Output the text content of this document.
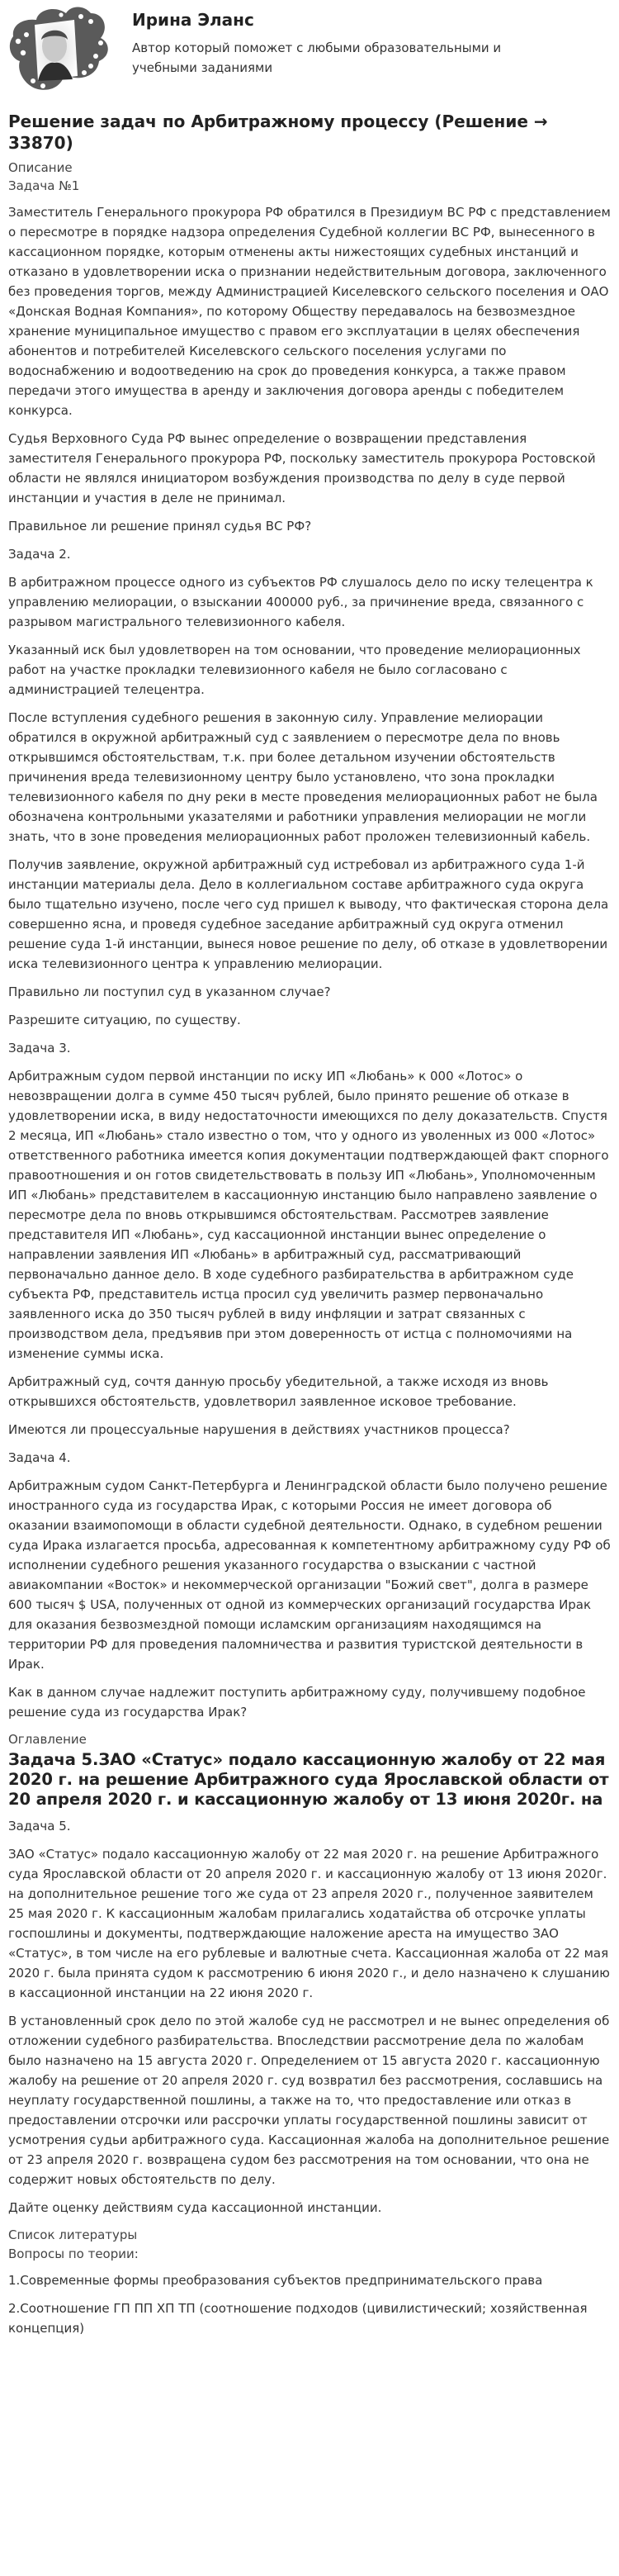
Ирина Эланс
Автор который поможет с любыми образовательными и учебными заданиями
Решение задач по Арбитражному процессу (Решение → 33870)
Описание
Задача №1

Заместитель Генерального прокурора РФ обратился в Президиум ВС РФ с представлением о пересмотре в порядке надзора определения Судебной коллегии ВС РФ, вынесенного в кассационном порядке, которым отменены акты нижестоящих судебных инстанций и отказано в удовлетворении иска о признании недействительным договора, заключенного без проведения торгов, между Администрацией Киселевского сельского поселения и ОАО «Донская Водная Компания», по которому Обществу передавалось на безвозмездное хранение муниципальное имущество с правом его эксплуатации в целях обеспечения абонентов и потребителей Киселевского сельского поселения услугами по водоснабжению и водоотведению на срок до проведения конкурса, а также правом передачи этого имущества в аренду и заключения договора аренды с победителем конкурса.

Судья Верховного Суда РФ вынес определение о возвращении представления заместителя Генерального прокурора РФ, поскольку заместитель прокурора Ростовской области не являлся инициатором возбуждения производства по делу в суде первой инстанции и участия в деле не принимал.

Правильное ли решение принял судья ВС РФ?

Задача 2.

В арбитражном процессе одного из субъектов РФ слушалось дело по иску телецентра к управлению мелиорации, о взыскании 400000 руб., за причинение вреда, связанного с разрывом магистрального телевизионного кабеля.

Указанный иск был удовлетворен на том основании, что проведение мелиорационных работ на участке прокладки телевизионного кабеля не было согласовано с администрацией телецентра.

После вступления судебного решения в законную силу. Управление мелиорации обратился в окружной арбитражный суд с заявлением о пересмотре дела по вновь открывшимся обстоятельствам, т.к. при более детальном изучении обстоятельств причинения вреда телевизионному центру было установлено, что зона прокладки телевизионного кабеля по дну реки в месте проведения мелиорационных работ не была обозначена контрольными указателями и работники управления мелиорации не могли знать, что в зоне проведения мелиорационных работ проложен телевизионный кабель.

Получив заявление, окружной арбитражный суд истребовал из арбитражного суда 1-й инстанции материалы дела. Дело в коллегиальном составе арбитражного суда округа было тщательно изучено, после чего суд пришел к выводу, что фактическая сторона дела совершенно ясна, и проведя судебное заседание арбитражный суд округа отменил решение суда 1-й инстанции, вынеся новое решение по делу, об отказе в удовлетворении иска телевизионного центра к управлению мелиорации.

Правильно ли поступил суд в указанном случае?

Разрешите ситуацию, по существу.

Задача 3.

Арбитражным судом первой инстанции по иску ИП «Любань» к 000 «Лотос» о невозвращении долга в сумме 450 тысяч рублей, было принято решение об отказе в удовлетворении иска, в виду недостаточности имеющихся по делу доказательств. Спустя 2 месяца, ИП «Любань» стало известно о том, что у одного из уволенных из 000 «Лотос» ответственного работника имеется копия документации подтверждающей факт спорного правоотношения и он готов свидетельствовать в пользу ИП «Любань», Уполномоченным ИП «Любань» представителем в кассационную инстанцию было направлено заявление о пересмотре дела по вновь открывшимся обстоятельствам. Рассмотрев заявление представителя ИП «Любань», суд кассационной инстанции вынес определение о направлении заявления ИП «Любань» в арбитражный суд, рассматривающий первоначально данное дело. В ходе судебного разбирательства в арбитражном суде субъекта РФ, представитель истца просил суд увеличить размер первоначально заявленного иска до 350 тысяч рублей в виду инфляции и затрат связанных с производством дела, предъявив при этом доверенность от истца с полномочиями на изменение суммы иска.

Арбитражный суд, сочтя данную просьбу убедительной, а также исходя из вновь открывшихся обстоятельств, удовлетворил заявленное исковое требование.

Имеются ли процессуальные нарушения в действиях участников процесса?

Задача 4.

Арбитражным судом Санкт-Петербурга и Ленинградской области было получено решение иностранного суда из государства Ирак, с которыми Россия не имеет договора об оказании взаимопомощи в области судебной деятельности. Однако, в судебном решении суда Ирака излагается просьба, адресованная к компетентному арбитражному суду РФ об исполнении судебного решения указанного государства о взыскании с частной авиакомпании «Восток» и некоммерческой организации "Божий свет", долга в размере 600 тысяч $ USA, полученных от одной из коммерческих организаций государства Ирак для оказания безвозмездной помощи исламским организациям находящимся на территории РФ для проведения паломничества и развития туристской деятельности в Ирак.

Как в данном случае надлежит поступить арбитражному суду, получившему подобное решение суда из государства Ирак?

Оглавление
Задача 5.ЗАО «Статус» подало кассационную жалобу от 22 мая 2020 г. на решение Арбитражного суда Ярославской области от 20 апреля 2020 г. и кассационную жалобу от 13 июня 2020г. на

Задача 5.

ЗАО «Статус» подало кассационную жалобу от 22 мая 2020 г. на решение Арбитражного суда Ярославской области от 20 апреля 2020 г. и кассационную жалобу от 13 июня 2020г. на дополнительное решение того же суда от 23 апреля 2020 г., полученное заявителем 25 мая 2020 г. К кассационным жалобам прилагались ходатайства об отсрочке уплаты госпошлины и документы, подтверждающие наложение ареста на имущество ЗАО «Статус», в том числе на его рублевые и валютные счета. Кассационная жалоба от 22 мая 2020 г. была принята судом к рассмотрению 6 июня 2020 г., и дело назначено к слушанию в кассационной инстанции на 22 июня 2020 г.

В установленный срок дело по этой жалобе суд не рассмотрел и не вынес определения об отложении судебного разбирательства. Впоследствии рассмотрение дела по жалобам было назначено на 15 августа 2020 г. Определением от 15 августа 2020 г. кассационную жалобу на решение от 20 апреля 2020 г. суд возвратил без рассмотрения, сославшись на неуплату государственной пошлины, а также на то, что предоставление или отказ в предоставлении отсрочки или рассрочки уплаты государственной пошлины зависит от усмотрения судьи арбитражного суда. Кассационная жалоба на дополнительное решение от 23 апреля 2020 г. возвращена судом без рассмотрения на том основании, что она не содержит новых обстоятельств по делу.

Дайте оценку действиям суда кассационной инстанции.

Список литературы
Вопросы по теории:

1.Современные формы преобразования субъектов предпринимательского права

2.Соотношение ГП ПП ХП ТП (соотношение подходов (цивилистический; хозяйственная концепция)
